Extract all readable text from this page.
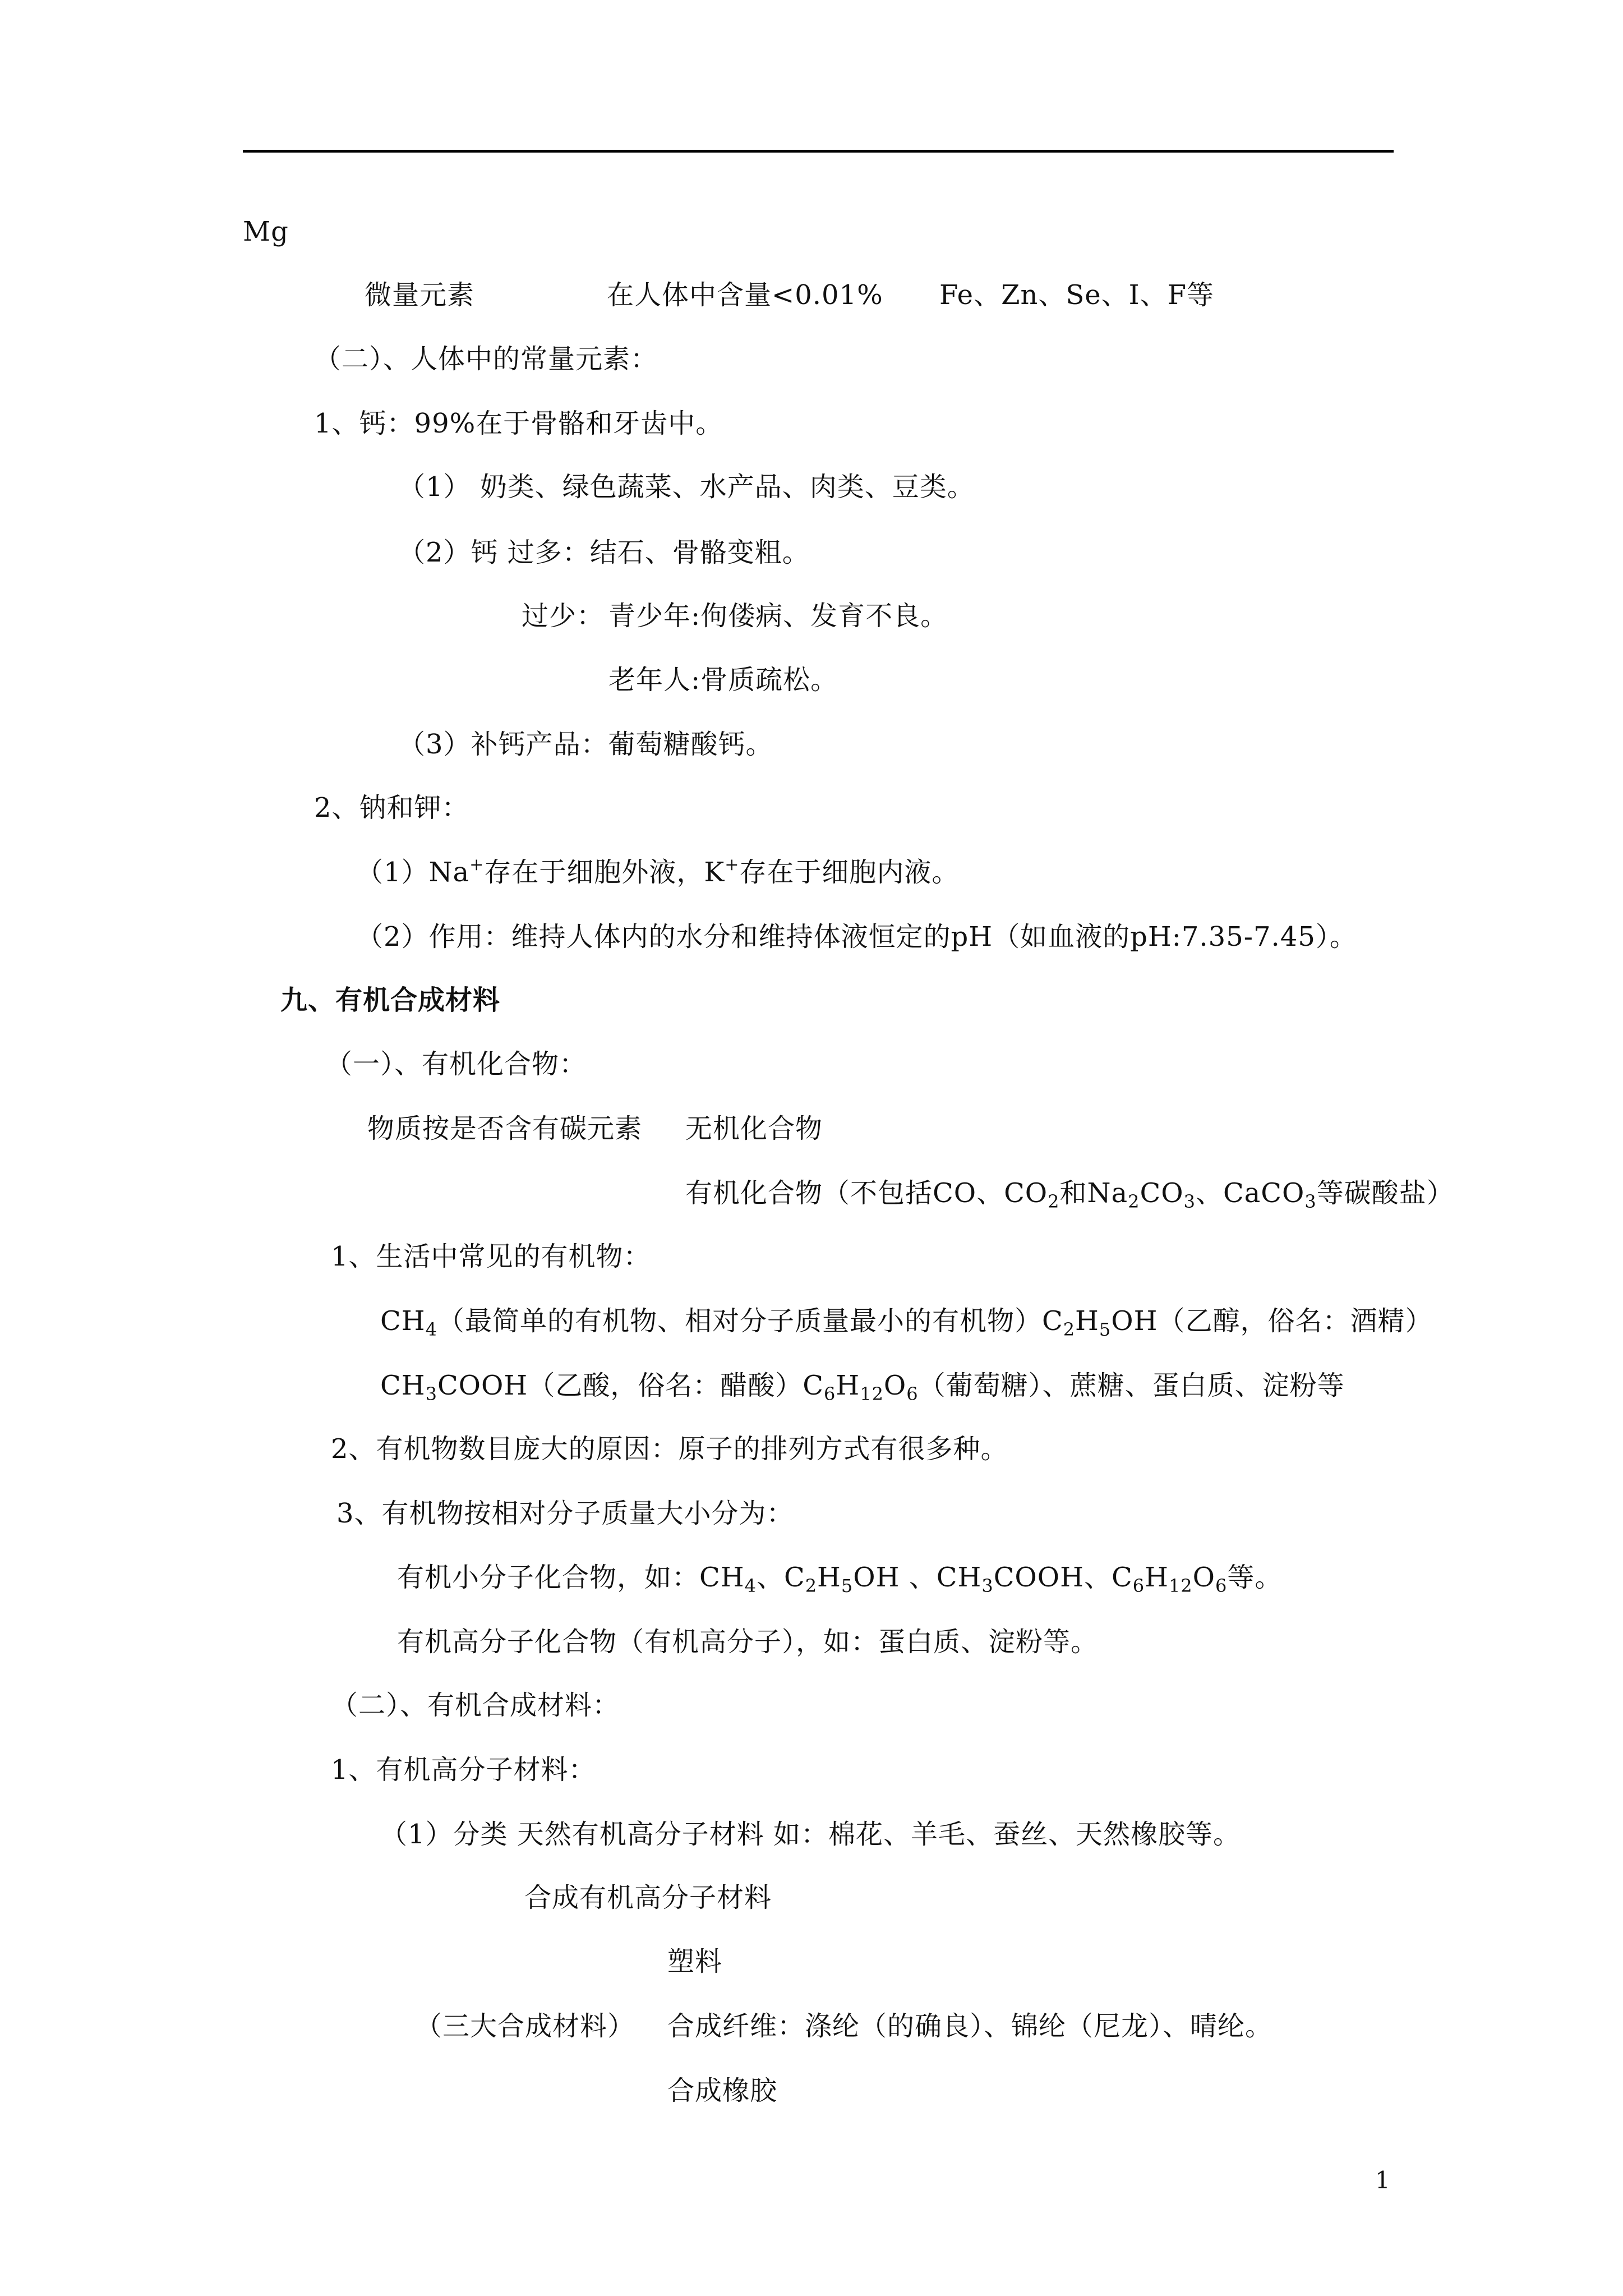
Mg
微量元素	在人体中含量<0.01% Fe、Zn、Se、I、F等
（二）、人体中的常量元素：
1、钙：99%在于骨骼和牙齿中。
（1） 奶类、绿色蔬菜、水产品、肉类、豆类。
（2）钙 过多：结石、骨骼变粗。
过少： 青少年:佝偻病、发育不良。
老年人:骨质疏松。
（3）补钙产品：葡萄糖酸钙。
2、钠和钾：
（1）Na+存在于细胞外液，K+存在于细胞内液。
（2）作用：维持人体内的水分和维持体液恒定的pH（如血液的pH:7.35-7.45）。
九、有机合成材料
（一）、有机化合物：
物质按是否含有碳元素 无机化合物
有机化合物（不包括CO、$CO_2$和$Na_2CO_3$、CaCO$_3$等碳酸盐）
1、生活中常见的有机物：
$CH_4$（最简单的有机物、相对分子质量最小的有机物）$C_2H_5OH$（乙醇，俗名：酒精）
$CH_3COOH$（乙酸，俗名：醋酸）$C_6H_{12}O_6$（葡萄糖）、蔗糖、蛋白质、淀粉等
2、有机物数目庞大的原因：原子的排列方式有很多种。
3、有机物按相对分子质量大小分为：
有机小分子化合物，如：$CH_4$、$C_2H_5OH$ 、$CH_3COOH$、$C_6H_{12}O_6$等。
有机高分子化合物（有机高分子），如：蛋白质、淀粉等。
（二）、有机合成材料：
1、有机高分子材料：
（1）分类 天然有机高分子材料 如：棉花、羊毛、蚕丝、天然橡胶等。
合成有机高分子材料
塑料
（三大合成材料） 合成纤维：涤纶（的确良）、锦纶（尼龙）、晴纶。
合成橡胶
1
